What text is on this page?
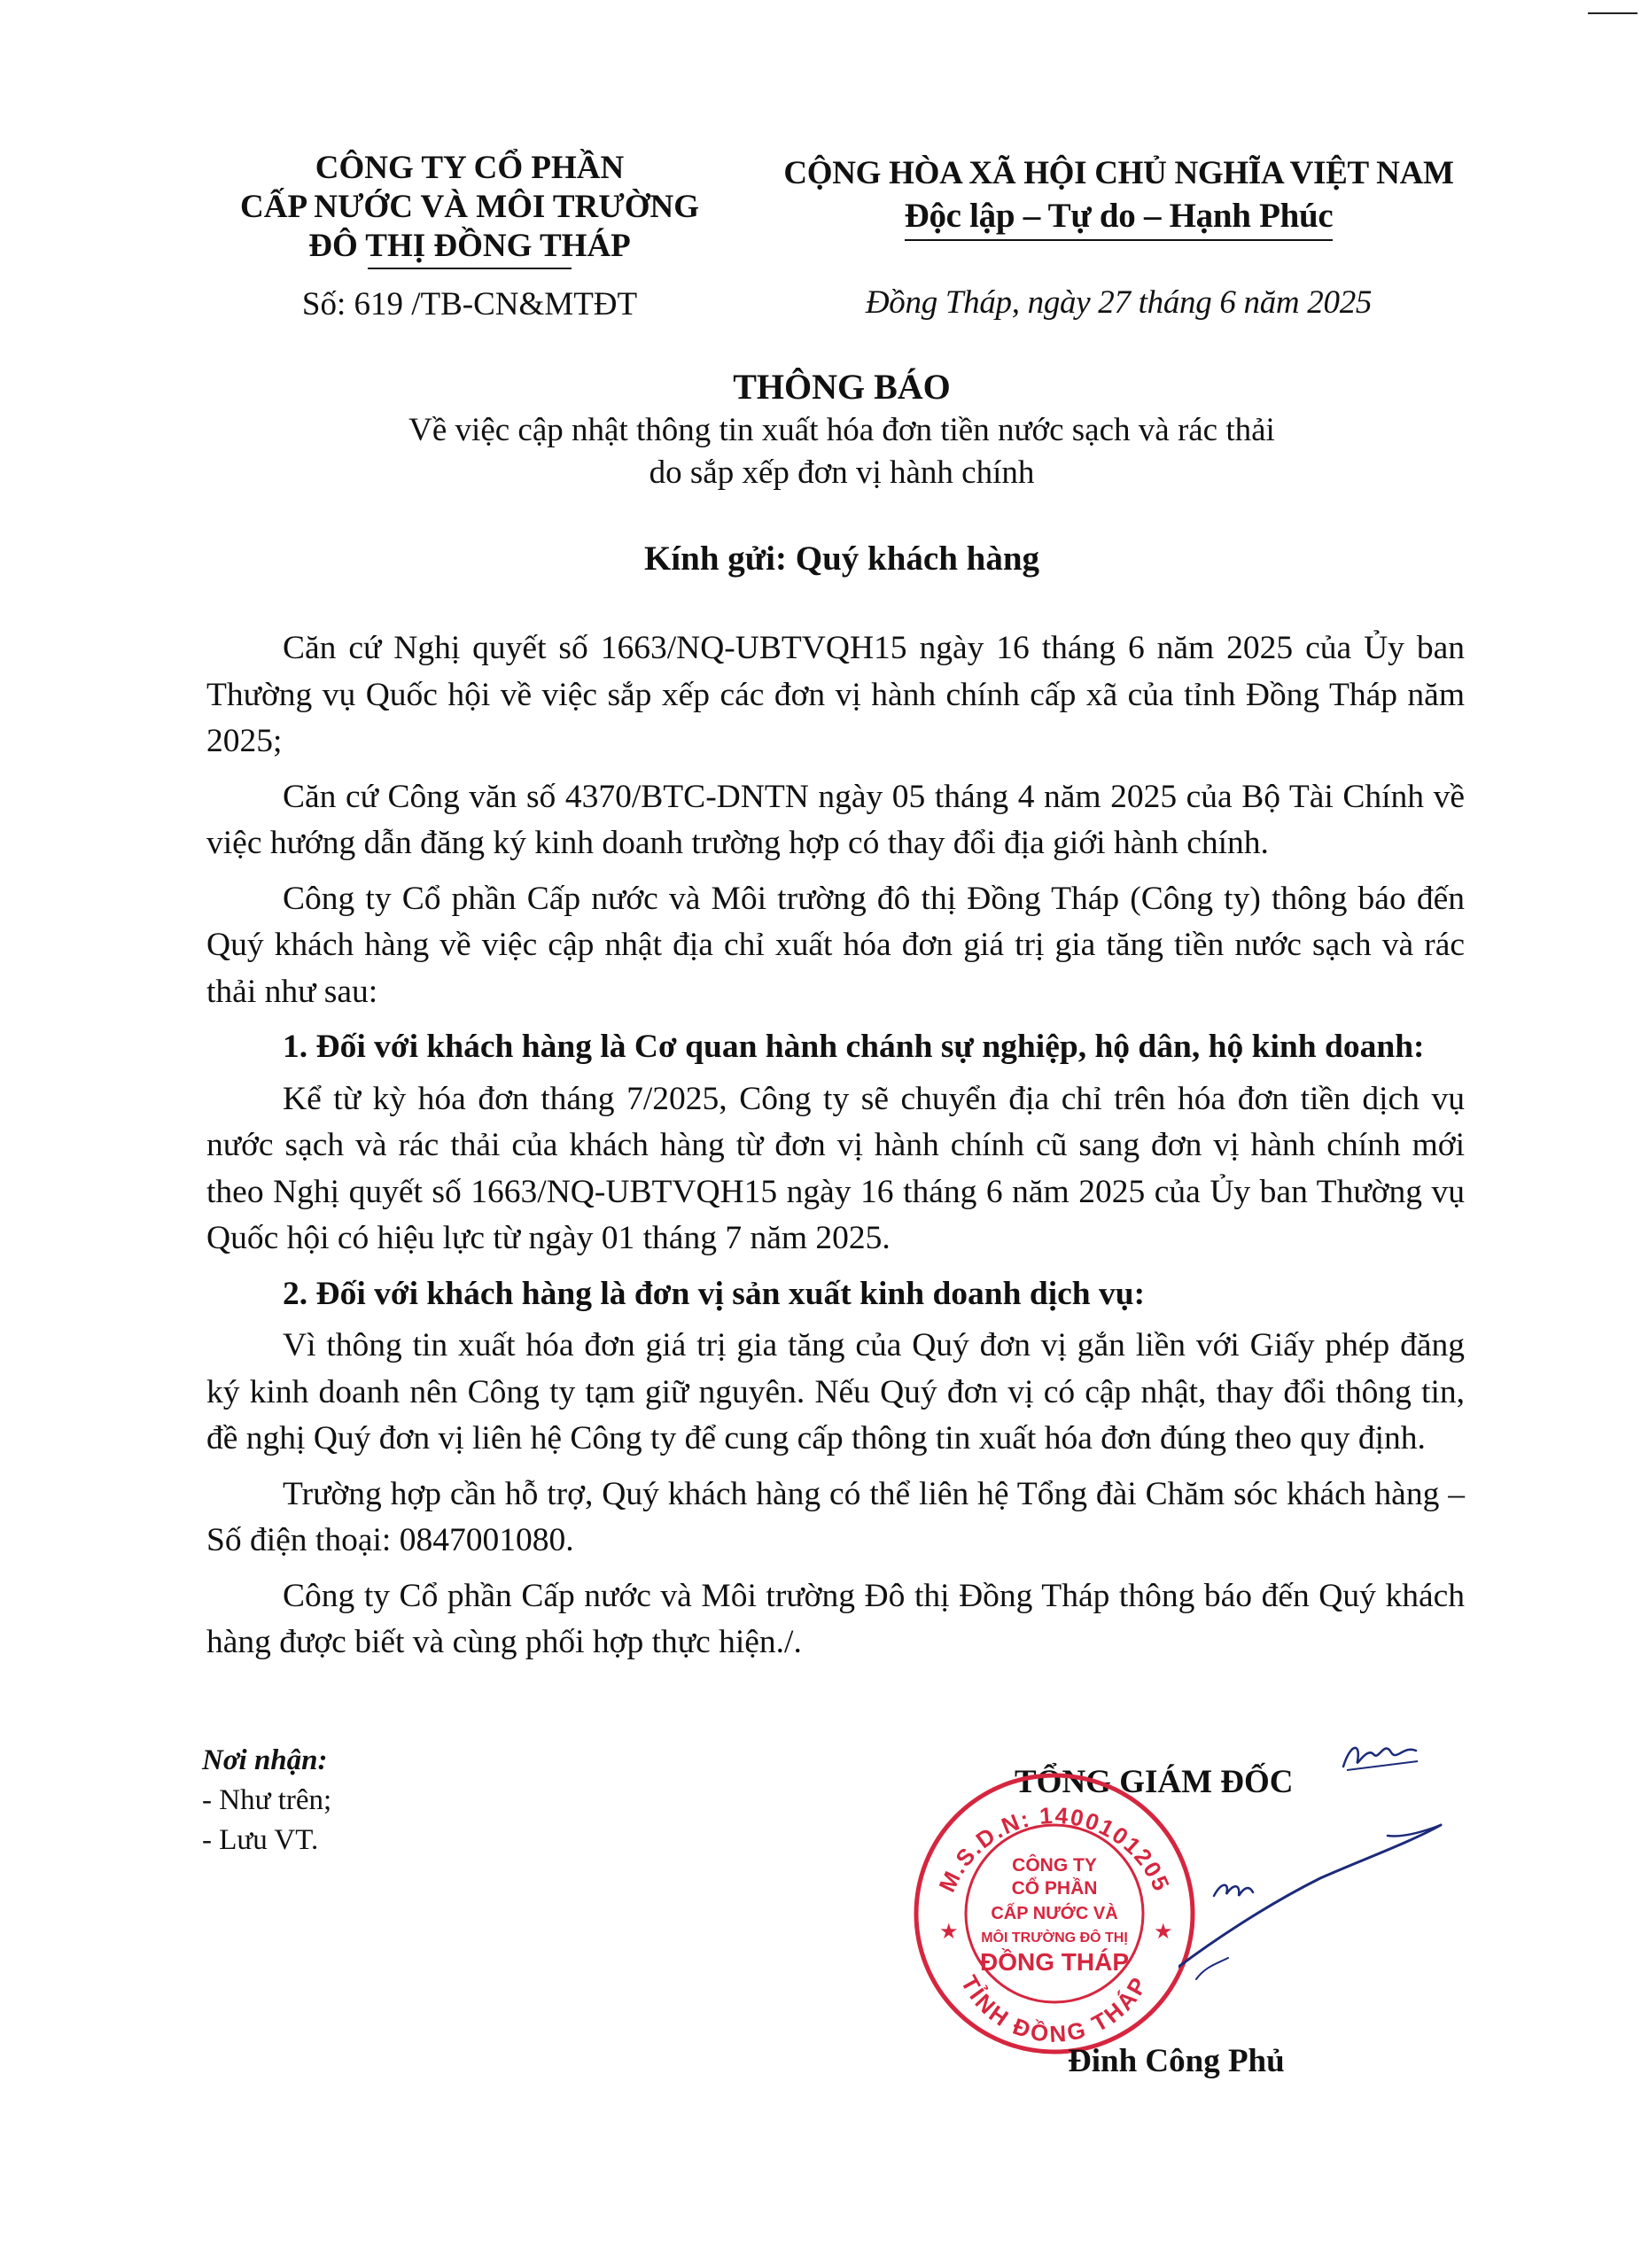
CÔNG TY CỔ PHẦN
CẤP NƯỚC VÀ MÔI TRƯỜNG
ĐÔ THỊ ĐỒNG THÁP
Số: 619 /TB-CN&MTĐT
CỘNG HÒA XÃ HỘI CHỦ NGHĨA VIỆT NAM
Độc lập – Tự do – Hạnh Phúc
Đồng Tháp, ngày 27 tháng 6 năm 2025
THÔNG BÁO
Về việc cập nhật thông tin xuất hóa đơn tiền nước sạch và rác thải
do sắp xếp đơn vị hành chính
Kính gửi: Quý khách hàng

Căn cứ Nghị quyết số 1663/NQ-UBTVQH15 ngày 16 tháng 6 năm 2025 của Ủy ban Thường vụ Quốc hội về việc sắp xếp các đơn vị hành chính cấp xã của tỉnh Đồng Tháp năm 2025;

Căn cứ Công văn số 4370/BTC-DNTN ngày 05 tháng 4 năm 2025 của Bộ Tài Chính về việc hướng dẫn đăng ký kinh doanh trường hợp có thay đổi địa giới hành chính.

Công ty Cổ phần Cấp nước và Môi trường đô thị Đồng Tháp (Công ty) thông báo đến Quý khách hàng về việc cập nhật địa chỉ xuất hóa đơn giá trị gia tăng tiền nước sạch và rác thải như sau:

1. Đối với khách hàng là Cơ quan hành chánh sự nghiệp, hộ dân, hộ kinh doanh:

Kể từ kỳ hóa đơn tháng 7/2025, Công ty sẽ chuyển địa chỉ trên hóa đơn tiền dịch vụ nước sạch và rác thải của khách hàng từ đơn vị hành chính cũ sang đơn vị hành chính mới theo Nghị quyết số 1663/NQ-UBTVQH15 ngày 16 tháng 6 năm 2025 của Ủy ban Thường vụ Quốc hội có hiệu lực từ ngày 01 tháng 7 năm 2025.

2. Đối với khách hàng là đơn vị sản xuất kinh doanh dịch vụ:

Vì thông tin xuất hóa đơn giá trị gia tăng của Quý đơn vị gắn liền với Giấy phép đăng ký kinh doanh nên Công ty tạm giữ nguyên. Nếu Quý đơn vị có cập nhật, thay đổi thông tin, đề nghị Quý đơn vị liên hệ Công ty để cung cấp thông tin xuất hóa đơn đúng theo quy định.

Trường hợp cần hỗ trợ, Quý khách hàng có thể liên hệ Tổng đài Chăm sóc khách hàng – Số điện thoại: 0847001080.

Công ty Cổ phần Cấp nước và Môi trường Đô thị Đồng Tháp thông báo đến Quý khách hàng được biết và cùng phối hợp thực hiện./.

Nơi nhận:
- Như trên;
- Lưu VT.
TỔNG GIÁM ĐỐC
M.S.D.N: 1400101205
TỈNH ĐỒNG THÁP
★	★
CÔNG TY
CỔ PHẦN
CẤP NƯỚC VÀ
MÔI TRƯỜNG ĐÔ THỊ
ĐỒNG THÁP
Đinh Công Phủ
